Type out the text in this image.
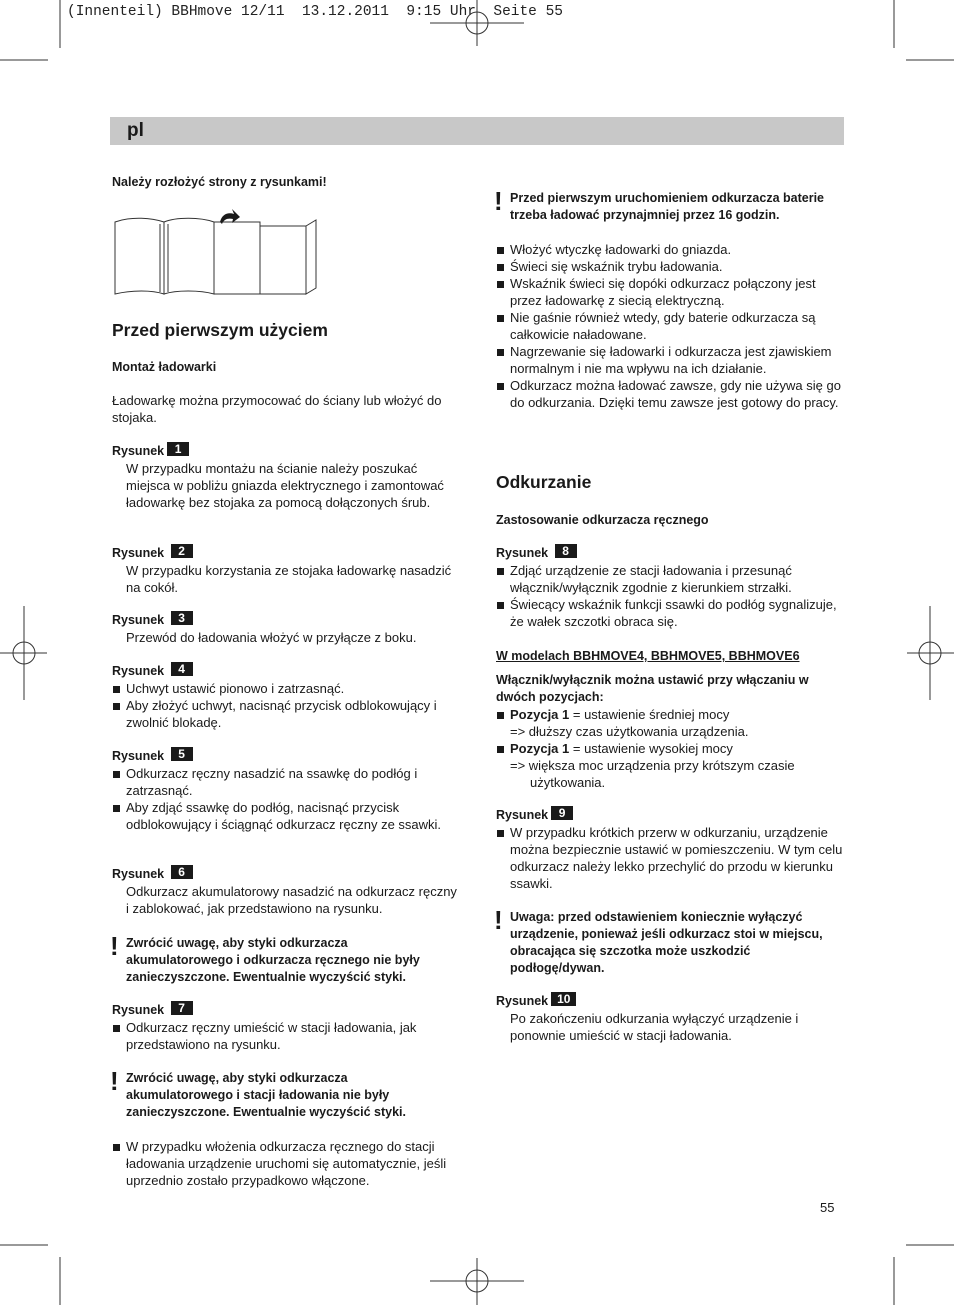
(Innenteil) BBHmove 12/11  13.12.2011  9:15 Uhr  Seite 55
pl
Należy rozłożyć strony z rysunkami!
Przed pierwszym użyciem
Montaż ładowarki
Ładowarkę można przymocować do ściany lub włożyć do stojaka.
Rysunek 1
W przypadku montażu na ścianie należy poszukać miejsca w pobliżu gniazda elektrycznego i zamontować ładowarkę bez stojaka za pomocą dołączonych śrub.
Rysunek 2
W przypadku korzystania ze stojaka ładowarkę nasadzić na cokół.
Rysunek 3
Przewód do ładowania włożyć w przyłącze z boku.
Rysunek 4
Uchwyt ustawić pionowo i zatrzasnąć.
Aby złożyć uchwyt, nacisnąć przycisk odblokowujący i zwolnić blokadę.
Rysunek 5
Odkurzacz ręczny nasadzić na ssawkę do podłóg i zatrzasnąć.
Aby zdjąć ssawkę do podłóg, nacisnąć przycisk odblokowujący i ściągnąć odkurzacz ręczny ze ssawki.
Rysunek 6
Odkurzacz akumulatorowy nasadzić na odkurzacz ręczny i zablokować, jak przedstawiono na rysunku.
! Zwrócić uwagę, aby styki odkurzacza akumulatorowego i odkurzacza ręcznego nie były zanieczyszczone. Ewentualnie wyczyścić styki.
Rysunek 7
Odkurzacz ręczny umieścić w stacji ładowania, jak przedstawiono na rysunku.
! Zwrócić uwagę, aby styki odkurzacza akumulatorowego i stacji ładowania nie były zanieczyszczone. Ewentualnie wyczyścić styki.
W przypadku włożenia odkurzacza ręcznego do stacji ładowania urządzenie uruchomi się automatycznie, jeśli uprzednio zostało przypadkowo włączone.
! Przed pierwszym uruchomieniem odkurzacza baterie trzeba ładować przynajmniej przez 16 godzin.
Włożyć wtyczkę ładowarki do gniazda.
Świeci się wskaźnik trybu ładowania.
Wskaźnik świeci się dopóki odkurzacz połączony jest przez ładowarkę z siecią elektryczną.
Nie gaśnie również wtedy, gdy baterie odkurzacza są całkowicie naładowane.
Nagrzewanie się ładowarki i odkurzacza jest zjawiskiem normalnym i nie ma wpływu na ich działanie.
Odkurzacz można ładować zawsze, gdy nie używa się go do odkurzania. Dzięki temu zawsze jest gotowy do pracy.
Odkurzanie
Zastosowanie odkurzacza ręcznego
Rysunek 8
Zdjąć urządzenie ze stacji ładowania i przesunąć włącznik/wyłącznik zgodnie z kierunkiem strzałki.
Świecący wskaźnik funkcji ssawki do podłóg sygnalizuje, że wałek szczotki obraca się.
W modelach BBHMOVE4, BBHMOVE5, BBHMOVE6
Włącznik/wyłącznik można ustawić przy włączaniu w dwóch pozycjach:
Pozycja 1 = ustawienie średniej mocy
=> dłuższy czas użytkowania urządzenia.
Pozycja 1 = ustawienie wysokiej mocy
=> większa moc urządzenia przy krótszym czasie użytkowania.
Rysunek 9
W przypadku krótkich przerw w odkurzaniu, urządzenie można bezpiecznie ustawić w pomieszczeniu. W tym celu odkurzacz należy lekko przechylić do przodu w kierunku ssawki.
! Uwaga: przed odstawieniem koniecznie wyłączyć urządzenie, ponieważ jeśli odkurzacz stoi w miejscu, obracająca się szczotka może uszkodzić podłogę/dywan.
Rysunek 10
Po zakończeniu odkurzania wyłączyć urządzenie i ponownie umieścić w stacji ładowania.
55
